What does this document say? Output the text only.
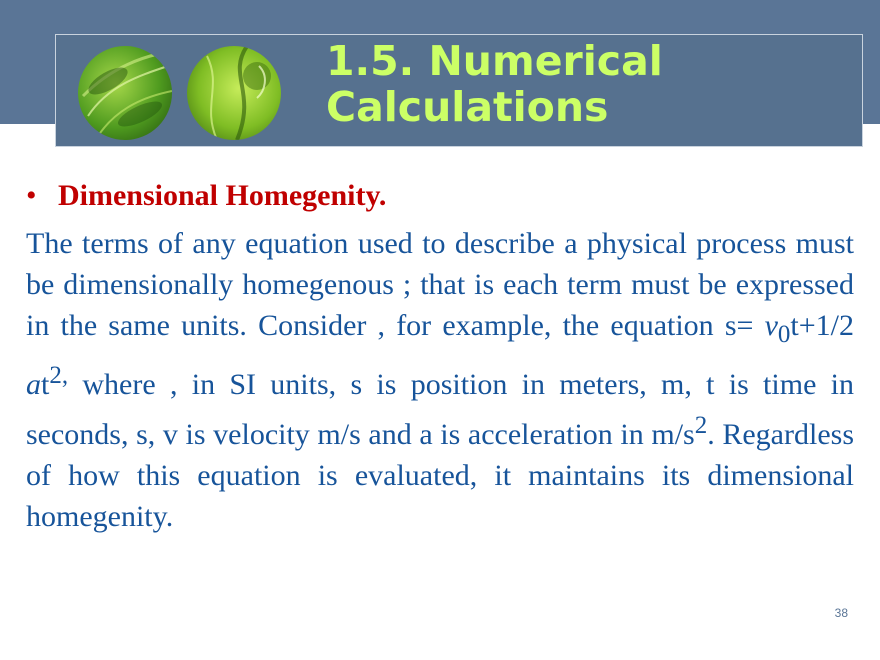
1.5. Numerical
Calculations
• Dimensional Homegenity.

The terms of any equation used to describe a physical process must be dimensionally homegenous ; that is each term must be expressed in the same units. Consider , for example, the equation $s= v_0t+1/2$ $at^{2,}$ where , in SI units, s is position in meters, m, t is time in seconds, s, v is velocity m/s and a is acceleration in $m/s^2$. Regardless of how this equation is evaluated, it maintains its dimensional homegenity.

38
